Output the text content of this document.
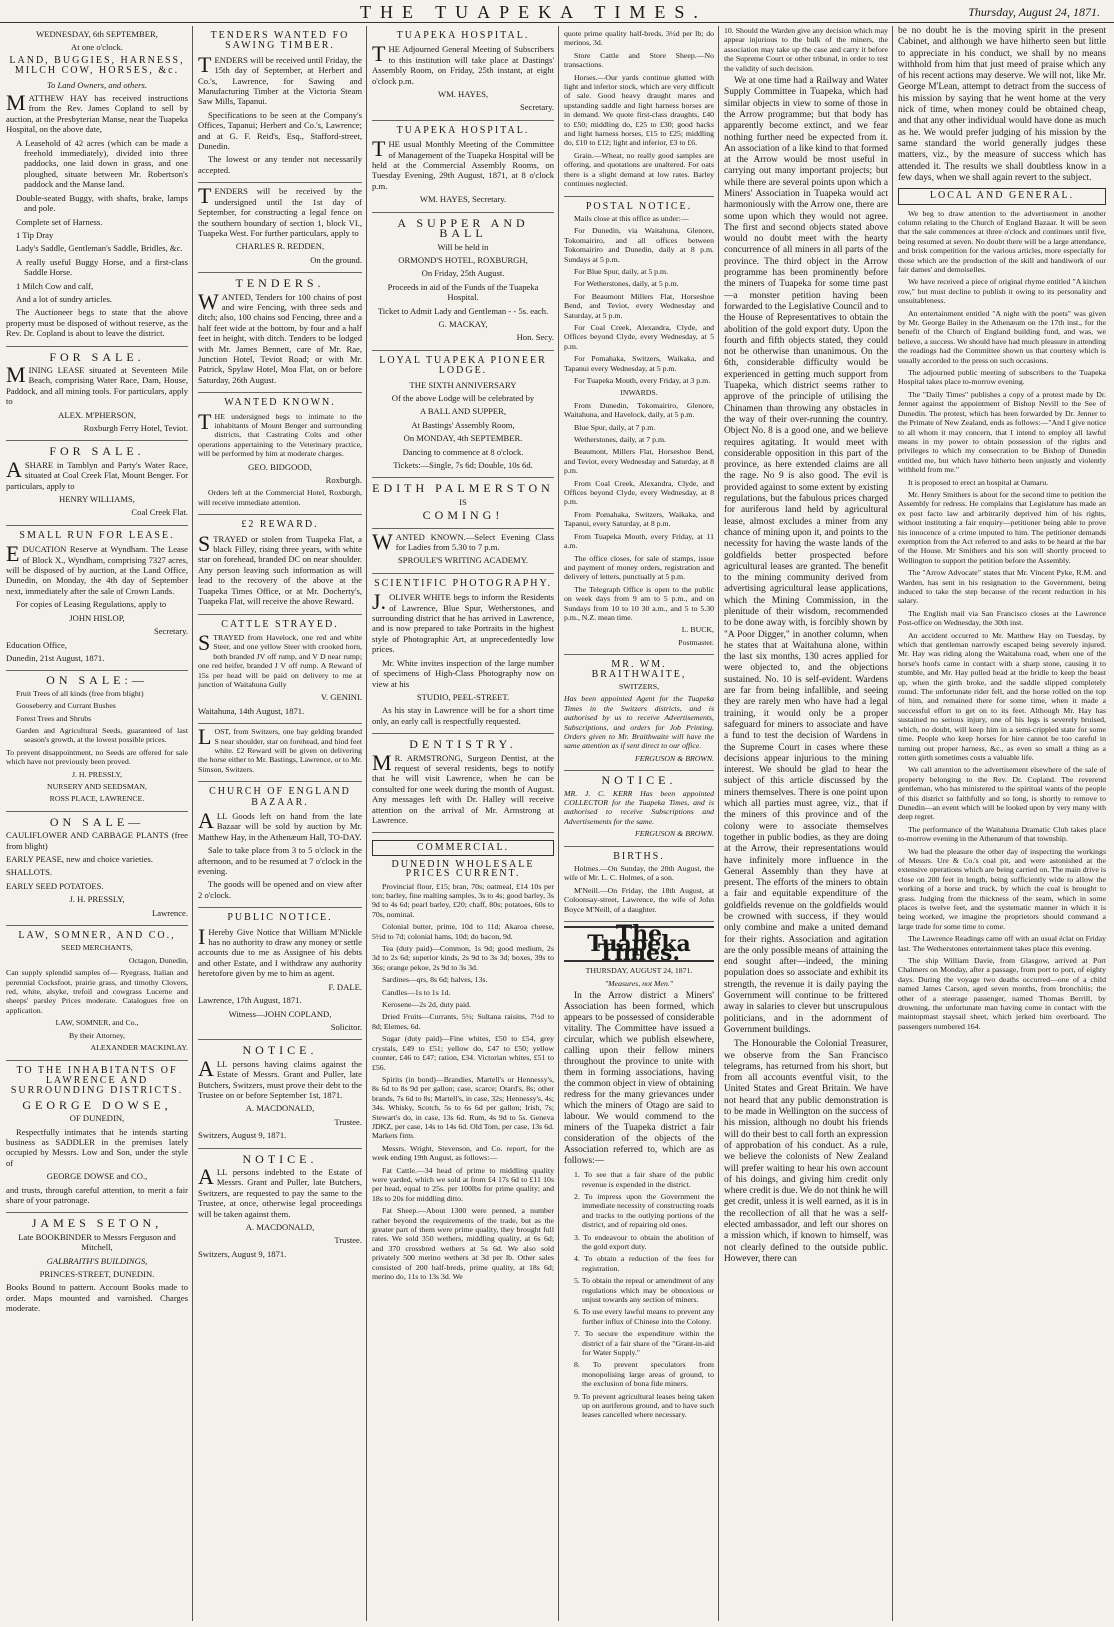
THE TUAPEKA TIMES.	Thursday, August 24, 1871.

WEDNESDAY, 6th SEPTEMBER,

At one o'clock.

LAND, BUGGIES, HARNESS, MILCH COW, HORSES, &c.

To Land Owners, and others.

MATTHEW HAY has received instructions from the Rev. James Copland to sell by auction, at the Presbyterian Manse, near the Tuapeka Hospital, on the above date,

A Leasehold of 42 acres (which can be made a freehold immediately), divided into three paddocks, one laid down in grass, and one ploughed, situate between Mr. Robertson's paddock and the Manse land.

Double-seated Buggy, with shafts, brake, lamps and pole.

Complete set of Harness.

1 Tip Dray

Lady's Saddle, Gentleman's Saddle, Bridles, &c.

A really useful Buggy Horse, and a first-class Saddle Horse.

1 Milch Cow and calf,

And a lot of sundry articles.

The Auctioneer begs to state that the above property must be disposed of without reserve, as the Rev. Dr. Copland is about to leave the district.

FOR SALE.

MINING LEASE situated at Seventeen Mile Beach, comprising Water Race, Dam, House, Paddock, and all mining tools. For particulars, apply to

ALEX. M'PHERSON,

Roxburgh Ferry Hotel, Teviot.

FOR SALE.

ASHARE in Tamblyn and Party's Water Race, situated at Coal Creek Flat, Mount Benger. For particulars, apply to

HENRY WILLIAMS,

Coal Creek Flat.

SMALL RUN FOR LEASE.

EDUCATION Reserve at Wyndham. The Lease of Block X., Wyndham, comprising 7327 acres, will be disposed of by auction, at the Land Office, Dunedin, on Monday, the 4th day of September next, immediately after the sale of Crown Lands.

For copies of Leasing Regulations, apply to

JOHN HISLOP,

Secretary.

Education Office,

Dunedin, 21st August, 1871.

ON SALE:—

Fruit Trees of all kinds (free from blight)

Gooseberry and Currant Bushes

Forest Trees and Shrubs

Garden and Agricultural Seeds, guaranteed of last season's growth, at the lowest possible prices.

To prevent disappointment, no Seeds are offered for sale which have not previously been proved.

J. H. PRESSLY,

NURSERY AND SEEDSMAN,

ROSS PLACE, LAWRENCE.

ON SALE—

CAULIFLOWER AND CABBAGE PLANTS (free from blight)

EARLY PEASE, new and choice varieties.

SHALLOTS.

EARLY SEED POTATOES.

J. H. PRESSLY,

Lawrence.

LAW, SOMNER, AND CO.,

SEED MERCHANTS,

Octagon, Dunedin,

Can supply splendid samples of— Ryegrass, Italian and perennial Cocksfoot, prairie grass, and timothy Clovers, red, white, alsyke, trefoil and cowgrass Lucerne and sheeps' parsley Prices moderate. Catalogues free on application.

LAW, SOMNER, and Co.,

By their Attorney,

ALEXANDER MACKINLAY.

TO THE INHABITANTS OF LAWRENCE AND SURROUNDING DISTRICTS.
GEORGE DOWSE,

OF DUNEDIN,

Respectfully intimates that he intends starting business as SADDLER in the premises lately occupied by Messrs. Low and Son, under the style of

GEORGE DOWSE and CO.,

and trusts, through careful attention, to merit a fair share of your patronage.

JAMES SETON,

Late BOOKBINDER to Messrs Ferguson and Mitchell,

GALBRAITH'S BUILDINGS,

PRINCES-STREET, DUNEDIN.

Books Bound to pattern. Account Books made to order. Maps mounted and varnished. Charges moderate.

TENDERS WANTED FO SAWING TIMBER.

TENDERS will be received until Friday, the 15th day of September, at Herbert and Co.'s, Lawrence, for Sawing and Manufacturing Timber at the Victoria Steam Saw Mills, Tapanui.

Specifications to be seen at the Company's Offices, Tapanui; Herbert and Co.'s, Lawrence; and at G. F. Reid's, Esq., Stafford-street, Dunedin.

The lowest or any tender not necessarily accepted.

TENDERS will be received by the undersigned until the 1st day of September, for constructing a legal fence on the southern boundary of section 1, block VI., Tuapeka West. For further particulars, apply to

CHARLES R. REDDEN,

On the ground.

TENDERS.

WANTED, Tenders for 100 chains of post and wire Fencing, with three seds and ditch; also, 100 chains sod Fencing, three and a half feet wide at the bottom, by four and a half feet in height, with ditch. Tenders to be lodged with Mr. James Bennett, care of Mr. Rae, Junction Hotel, Teviot Road; or with Mr. Patrick, Spylaw Hotel, Moa Flat, on or before Saturday, 26th August.

WANTED KNOWN.

THE undersigned begs to intimate to the inhabitants of Mount Benger and surrounding districts, that Castrating Colts and other operations appertaining to the Veterinary practice, will be performed by him at moderate charges.

GEO. BIDGOOD,

Roxburgh.

Orders left at the Commercial Hotel, Roxburgh, will receive immediate attention.

£2 REWARD.

STRAYED or stolen from Tuapeka Flat, a black Filley, rising three years, with white star on forehead, branded DC on near shoulder. Any person leaving such information as will lead to the recovery of the above at the Tuapeka Times Office, or at Mr. Docherty's, Tuapeka Flat, will receive the above Reward.

CATTLE STRAYED.

STRAYED from Havelock, one red and white Steer, and one yellow Steer with crooked horn, both branded JV off rump, and V D near rump; one red heifer, branded J V off rump. A Reward of 15s per head will be paid on delivery to me at junction of Waitahuna Gully

V. GENINI.

Waitahuna, 14th August, 1871.

LOST, from Switzers, one bay gelding branded S near shoulder, star on forehead, and hind feet white. £2 Reward will be given on delivering the horse either to Mr. Bastings, Lawrence, or to Mr. Simson, Switzers.

CHURCH OF ENGLAND BAZAAR.

ALL Goods left on hand from the late Bazaar will be sold by auction by Mr. Matthew Hay, in the Athenæum Hall, TO-DAY.

Sale to take place from 3 to 5 o'clock in the afternoon, and to be resumed at 7 o'clock in the evening.

The goods will be opened and on view after 2 o'clock.

PUBLIC NOTICE.

IHereby Give Notice that William M'Nickle has no authority to draw any money or settle accounts due to me as Assignee of his debts and other Estate, and I withdraw any authority heretofore given by me to him as agent.

F. DALE.

Lawrence, 17th August, 1871.

Witness—JOHN COPLAND,

Solicitor.

NOTICE.

ALL persons having claims against the Estate of Messrs. Grant and Puller, late Butchers, Switzers, must prove their debt to the Trustee on or before September 1st, 1871.

A. MACDONALD,

Trustee.

Switzers, August 9, 1871.

NOTICE.

ALL persons indebted to the Estate of Messrs. Grant and Puller, late Butchers, Switzers, are requested to pay the same to the Trustee, at once, otherwise legal proceedings will be taken against them.

A. MACDONALD,

Trustee.

Switzers, August 9, 1871.

TUAPEKA HOSPITAL.

THE Adjourned General Meeting of Subscribers to this institution will take place at Dastings' Assembly Room, on Friday, 25th instant, at eight o'clock p.m.

WM. HAYES,

Secretary.

TUAPEKA HOSPITAL.

THE usual Monthly Meeting of the Committee of Management of the Tuapeka Hospital will be held at the Commercial Assembly Rooms, on Tuesday Evening, 29th August, 1871, at 8 o'clock p.m.

WM. HAYES, Secretary.

A SUPPER AND BALL

Will be held in

ORMOND'S HOTEL, ROXBURGH,

On Friday, 25th August.

Proceeds in aid of the Funds of the Tuapeka Hospital.

Ticket to Admit Lady and Gentleman - - 5s. each.

G. MACKAY,

Hon. Secy.

LOYAL TUAPEKA PIONEER LODGE.

THE SIXTH ANNIVERSARY

Of the above Lodge will be celebrated by

A BALL AND SUPPER,

At Bastings' Assembly Room,

On MONDAY, 4th SEPTEMBER.

Dancing to commence at 8 o'clock.

Tickets:—Single, 7s 6d; Double, 10s 6d.

EDITH PALMERSTON

IS

COMING!

WANTED KNOWN.—Select Evening Class for Ladies from 5.30 to 7 p.m.

SPROULE'S WRITING ACADEMY.

SCIENTIFIC PHOTOGRAPHY.

J.OLIVER WHITE begs to inform the Residents of Lawrence, Blue Spur, Wetherstones, and surrounding district that he has arrived in Lawrence, and is now prepared to take Portraits in the highest style of Photographic Art, at unprecedentedly low prices.

Mr. White invites inspection of the large number of specimens of High-Class Photography now on view at his

STUDIO, PEEL-STREET.

As his stay in Lawrence will be for a short time only, an early call is respectfully requested.

DENTISTRY.

MR. ARMSTRONG, Surgeon Dentist, at the request of several residents, begs to notify that he will visit Lawrence, when he can be consulted for one week during the month of August. Any messages left with Dr. Halley will receive attention on the arrival of Mr. Armstrong at Lawrence.

COMMERCIAL.
DUNEDIN WHOLESALE PRICES CURRENT.

Provincial flour, £15; bran, 70s; oatmeal, £14 10s per ton; barley, fine malting samples, 3s to 4s; good barley, 3s 9d to 4s 6d; pearl barley, £20; chaff, 80s; potatoes, 60s to 70s, nominal.

Colonial butter, prime, 10d to 11d; Akaroa cheese, 5½d to 7d; colonial hams, 10d; do bacon, 9d.

Tea (duty paid)—Common, 1s 9d; good medium, 2s 3d to 2s 6d; superior kinds, 2s 9d to 3s 3d; boxes, 39s to 36s; orange pekoe, 2s 9d to 3s 3d.

Sardines—qrs, 8s 6d; halves, 13s.

Candles—1s to 1s 1d.

Kerosene—2s 2d, duty paid.

Dried Fruits—Currants, 5½; Sultana raisins, 7½d to 8d; Elemes, 6d.

Sugar (duty paid)—Fine whites, £50 to £54, grey crystals, £49 to £51; yellow do, £47 to £50; yellow counter, £46 to £47; ration, £34. Victorian whites, £51 to £56.

Spirits (in bond)—Brandies, Martell's or Hennessy's, 8s 6d to 8s 9d per gallon; case, scarce; Otard's, 8s; other brands, 7s 6d to 8s; Martell's, in case, 32s; Hennessy's, 4s; 34s. Whisky, Scotch, 5s to 6s 6d per gallon; Irish, 7s; Stewart's do, in case, 13s 6d. Rum, 4s 9d to 5s. Geneva JDKZ, per case, 14s to 14s 6d. Old Tom, per case, 13s 6d. Markets firm.

Messrs. Wright, Stevenson, and Co. report, for the week ending 19th August, as follows:—

Fat Cattle.—34 head of prime to middling quality were yarded, which we sold at from £4 17s 6d to £11 10s per head, equal to 25s. per 100lbs for prime quality; and 18s to 20s for middling ditto.

Fat Sheep.—About 1300 were penned, a number rather beyond the requirements of the trade, but as the greater part of them were prime quality, they brought full rates. We sold 350 wethers, middling quality, at 6s 6d; and 370 crossbred wethers at 5s 6d. We also sold privately 500 merino wethers at 3d per lb. Other sales consisted of 200 half-breds, prime quality, at 18s 6d; merino do, 11s to 13s 3d. We

quote prime quality half-breds, 3½d per lb; do merinos, 3d.

Store Cattle and Store Sheep.—No transactions.

Horses.—Our yards continue glutted with light and inferior stock, which are very difficult of sale. Good heavy draught mares and upstanding saddle and light harness horses are in demand. We quote first-class draughts, £40 to £50; middling do, £25 to £30; good hacks and light harness horses, £15 to £25; middling do, £10 to £12; light and inferior, £3 to £6.

Grain.—Wheat, no really good samples are offering, and quotations are unaltered. For oats there is a slight demand at low rates. Barley continues neglected.

POSTAL NOTICE.

Mails close at this office as under:—

For Dunedin, via Waitahuna, Glenore, Tokomairiro, and all offices between Tokomairiro and Dunedin, daily at 8 p.m. Sundays at 5 p.m.

For Blue Spur, daily, at 5 p.m.

For Wetherstones, daily, at 5 p.m.

For Beaumont Millers Flat, Horseshoe Bend, and Teviot, every Wednesday and Saturday, at 5 p.m.

For Coal Creek, Alexandra, Clyde, and Offices beyond Clyde, every Wednesday, at 5 p.m.

For Pomahaka, Switzers, Waikaka, and Tapanui every Wednesday, at 5 p.m.

For Tuapeka Mouth, every Friday, at 3 p.m.

INWARDS.

From Dunedin, Tokomairiro, Glenore, Waitahuna, and Havelock, daily, at 5 p.m.

Blue Spur, daily, at 7 p.m.

Wetherstones, daily, at 7 p.m.

Beaumont, Millers Flat, Horseshoe Bend, and Teviot, every Wednesday and Saturday, at 8 p.m.

From Coal Creek, Alexandra, Clyde, and Offices beyond Clyde, every Wednesday, at 8 p.m.

From Pomahaka, Switzers, Waikaka, and Tapanui, every Saturday, at 8 p.m.

From Tuapeka Mouth, every Friday, at 11 a.m.

The office closes, for sale of stamps, issue and payment of money orders, registration and delivery of letters, punctually at 5 p.m.

The Telegraph Office is open to the public on week days from 9 am to 5 p.m., and on Sundays from 10 to 10 30 a.m., and 5 to 5.30 p.m., N.Z. mean time.

L. BUCK,

Postmaster.

MR. WM. BRAITHWAITE,

SWITZERS,

Has been appointed Agent for the Tuapeka Times in the Switzers districts, and is authorised by us to receive Advertisements, Subscriptions, and orders for Job Printing. Orders given to Mr. Braithwaite will have the same attention as if sent direct to our office.

FERGUSON & BROWN.

NOTICE.

MR. J. C. KERR Has been appointed COLLECTOR for the Tuapeka Times, and is authorised to receive Subscriptions and Advertisements for the same.

FERGUSON & BROWN.

BIRTHS.

Holmes.—On Sunday, the 20th August, the wife of Mr. L. C. Holmes, of a son.

M'Neill.—On Friday, the 18th August, at Coloonsay-street, Lawrence, the wife of John Boyce M'Neill, of a daughter.

The Tuapeka Times.

THURSDAY, AUGUST 24, 1871.

"Measures, not Men."

In the Arrow district a Miners' Association has been formed, which appears to be possessed of considerable vitality. The Committee have issued a circular, which we publish elsewhere, calling upon their fellow miners throughout the province to unite with them in forming associations, having the common object in view of obtaining redress for the many grievances under which the miners of Otago are said to labour. We would commend to the miners of the Tuapeka district a fair consideration of the objects of the Association referred to, which are as follows:—

1. To see that a fair share of the public revenue is expended in the district.

2. To impress upon the Government the immediate necessity of constructing roads and tracks to the outlying portions of the district, and of repairing old ones.

3. To endeavour to obtain the abolition of the gold export duty.

4. To obtain a reduction of the fees for registration.

5. To obtain the repeal or amendment of any regulations which may be obnoxious or unjust towards any section of miners.

6. To use every lawful means to prevent any further influx of Chinese into the Colony.

7. To secure the expenditure within the district of a fair share of the "Grant-in-aid for Water Supply."

8. To prevent speculators from monopolising large areas of ground, to the exclusion of bona fide miners.

9. To prevent agricultural leases being taken up on auriferous ground, and to have such leases cancelled where necessary.

10. Should the Warden give any decision which may appear injurious to the bulk of the miners, the association may take up the case and carry it before the Supreme Court or other tribunal, in order to test the validity of such decision.

We at one time had a Railway and Water Supply Committee in Tuapeka, which had similar objects in view to some of those in the Arrow programme; but that body has apparently become extinct, and we fear nothing further need be expected from it. An association of a like kind to that formed at the Arrow would be most useful in carrying out many important projects; but while there are several points upon which a Miners' Association in Tuapeka would act harmoniously with the Arrow one, there are some upon which they would not agree. The first and second objects stated above would no doubt meet with the hearty concurrence of all miners in all parts of the province. The third object in the Arrow programme has been prominently before the miners of Tuapeka for some time past—a monster petition having been forwarded to the Legislative Council and to the House of Representatives to obtain the abolition of the gold export duty. Upon the fourth and fifth objects stated, they could not be otherwise than unanimous. On the 6th, considerable difficulty would be experienced in getting much support from Tuapeka, which district seems rather to approve of the principle of utilising the Chinamen than throwing any obstacles in the way of their over-running the country. Object No. 8 is a good one, and we believe requires agitating. It would meet with considerable opposition in this part of the province, as here extended claims are all the rage. No 9 is also good. The evil is provided against to some extent by existing regulations, but the fabulous prices charged for auriferous land held by agricultural lease, almost excludes a miner from any chance of mining upon it, and points to the necessity for having the waste lands of the goldfields better prospected before agricultural leases are granted. The benefit to the mining community derived from advertising agricultural lease applications, which the Mining Commission, in the plenitude of their wisdom, recommended to be done away with, is forcibly shown by "A Poor Digger," in another column, when he states that at Waitahuna alone, within the last six months, 130 acres applied for were objected to, and the objections sustained. No. 10 is self-evident. Wardens are far from being infallible, and seeing they are rarely men who have had a legal training, it would only be a proper safeguard for miners to associate and have a fund to test the decision of Wardens in the Supreme Court in cases where these decisions appear injurious to the mining interest. We should be glad to hear the subject of this article discussed by the miners themselves. There is one point upon which all parties must agree, viz., that if the miners of this province and of the colony were to associate themselves together in public bodies, as they are doing at the Arrow, their representations would have infinitely more influence in the General Assembly than they have at present. The efforts of the miners to obtain a fair and equitable expenditure of the goldfields revenue on the goldfields would be crowned with success, if they would only combine and make a united demand for their rights. Association and agitation are the only possible means of attaining the end sought after—indeed, the mining population does so associate and exhibit its strength, the revenue it is daily paying the Government will continue to be frittered away in salaries to clever but unscrupulous politicians, and in the adornment of Government buildings.

The Honourable the Colonial Treasurer, we observe from the San Francisco telegrams, has returned from his short, but from all accounts eventful visit, to the United States and Great Britain. We have not heard that any public demonstration is to be made in Wellington on the success of his mission, although no doubt his friends will do their best to call forth an expression of approbation of his conduct. As a rule, we believe the colonists of New Zealand will prefer waiting to hear his own account of his doings, and giving him credit only where credit is due. We do not think he will get credit, unless it is well earned, as it is in the recollection of all that he was a self-elected ambassador, and left our shores on a mission which, if known to himself, was not clearly defined to the outside public. However, there can

be no doubt he is the moving spirit in the present Cabinet, and although we have hitherto seen but little to appreciate in his conduct, we shall by no means withhold from him that just meed of praise which any of his recent actions may deserve. We will not, like Mr. George M'Lean, attempt to detract from the success of his mission by saying that he went home at the very nick of time, when money could be obtained cheap, and that any other individual would have done as much as he. We would prefer judging of his mission by the same standard the world generally judges these matters, viz., by the measure of success which has attended it. The results we shall doubtless know in a few days, when we shall again revert to the subject.

LOCAL AND GENERAL.

We beg to draw attention to the advertisement in another column relating to the Church of England Bazaar. It will be seen that the sale commences at three o'clock and continues until five, being resumed at seven. No doubt there will be a large attendance, and brisk competition for the various articles, more especially for those which are the production of the skill and handiwork of our fair dames' and demoiselles.

We have received a piece of original rhyme entitled "A kitchen row," but must decline to publish it owing to its personality and unsuitableness.

An entertainment entitled "A night with the poets" was given by Mr. George Bailey in the Athenæum on the 17th inst., for the benefit of the Church of England building fund, and was, we believe, a success. We should have had much pleasure in attending the readings had the Committee shown us that courtesy which is usually accorded to the press on such occasions.

The adjourned public meeting of subscribers to the Tuapeka Hospital takes place to-morrow evening.

The "Daily Times" publishes a copy of a protest made by Dr. Jenner against the appointment of Bishop Nevill to the See of Dunedin. The protest, which has been forwarded by Dr. Jenner to the Primate of New Zealand, ends as follows:—"And I give notice to all whom it may concern, that I intend to employ all lawful means in my power to obtain possession of the rights and privileges to which my consecration to be Bishop of Dunedin entitled me, but which have hitherto been unjustly and violently withheld from me."

It is proposed to erect an hospital at Oamaru.

Mr. Henry Smithers is about for the second time to petition the Assembly for redress. He complains that Legislature has made an ex post facto law and arbitrarily deprived him of his rights, without instituting a fair enquiry—petitioner being able to prove his innocence of a crime imputed to him. The petitioner demands exemption from the Act referred to and asks to be heard at the bar of the House. Mr Smithers and his son will shortly proceed to Wellington to support the petition before the Assembly.

The "Arrow Advocate" states that Mr. Vincent Pyke, R.M. and Warden, has sent in his resignation to the Government, being induced to take the step because of the recent reduction in his salary.

The English mail via San Francisco closes at the Lawrence Post-office on Wednesday, the 30th inst.

An accident occurred to Mr. Matthew Hay on Tuesday, by which that gentleman narrowly escaped being severely injured. Mr. Hay was riding along the Waitahuna road, when one of the horse's hoofs came in contact with a sharp stone, causing it to stumble, and Mr. Hay pulled head at the bridle to keep the beast up, when the girth broke, and the saddle slipped completely round. The unfortunate rider fell, and the horse rolled on the top of him, and remained there for some time, when it made a successful effort to get on to its feet. Although Mr. Hay has sustained no serious injury, one of his legs is severely bruised, which, no doubt, will keep him in a semi-crippled state for some time. People who keep horses for hire cannot be too careful in turning out proper harness, &c., as even so small a thing as a rotten girth sometimes costs a valuable life.

We call attention to the advertisement elsewhere of the sale of property belonging to the Rev. Dr. Copland. The reverend gentleman, who has ministered to the spiritual wants of the people of this district so faithfully and so long, is shortly to remove to Dunedin—an event which will be looked upon by very many with deep regret.

The performance of the Waitahuna Dramatic Club takes place to-morrow evening in the Athenæum of that township.

We had the pleasure the other day of inspecting the workings of Messrs. Ure & Co.'s coal pit, and were astonished at the extensive operations which are being carried on. The main drive is close on 200 feet in length, being sufficiently wide to allow the working of a horse and truck, by which the coal is brought to grass. Judging from the thickness of the seam, which in some places is twelve feet, and the systematic manner in which it is being worked, we imagine the proprietors should command a large trade for some time to come.

The Lawrence Readings came off with an usual éclat on Friday last. The Wetherstones entertainment takes place this evening.

The ship William Davie, from Glasgow, arrived at Port Chalmers on Monday, after a passage, from port to port, of eighty days. During the voyage two deaths occurred—one of a child named James Carson, aged seven months, from bronchitis; the other of a steerage passenger, named Thomas Berrill, by drowning, the unfortunate man having come in contact with the maintopmast staysail sheet, which jerked him overboard. The passengers numbered 164.
